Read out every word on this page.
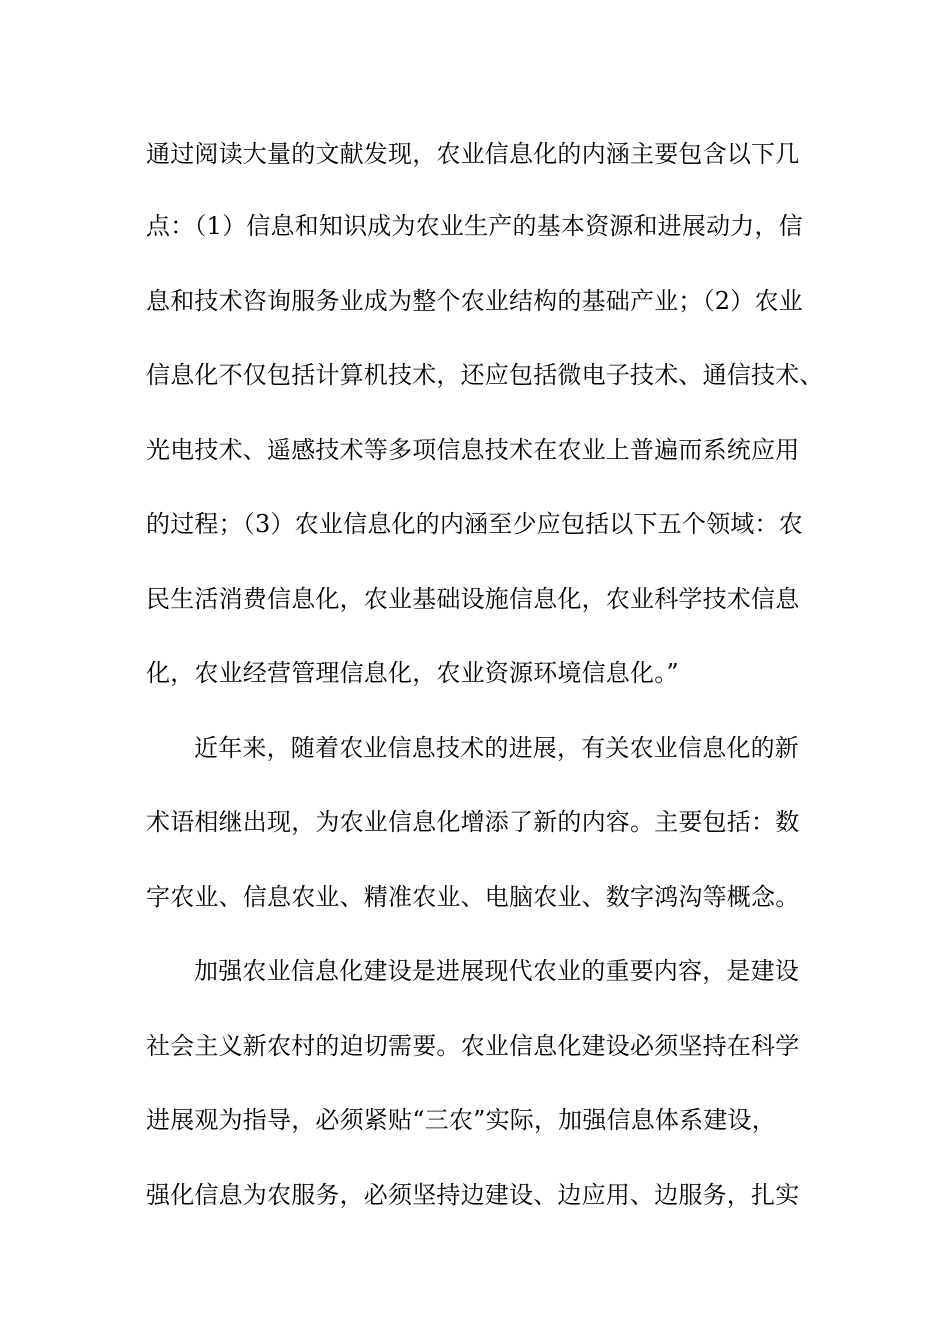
通过阅读大量的文献发现，农业信息化的内涵主要包含以下几
点：（1）信息和知识成为农业生产的基本资源和进展动力，信
息和技术咨询服务业成为整个农业结构的基础产业；（2）农业
信息化不仅包括计算机技术，还应包括微电子技术、通信技术、
光电技术、遥感技术等多项信息技术在农业上普遍而系统应用
的过程；（3）农业信息化的内涵至少应包括以下五个领域：农
民生活消费信息化，农业基础设施信息化，农业科学技术信息
化，农业经营管理信息化，农业资源环境信息化。”
近年来，随着农业信息技术的进展，有关农业信息化的新
术语相继出现，为农业信息化增添了新的内容。主要包括：数
字农业、信息农业、精准农业、电脑农业、数字鸿沟等概念。
加强农业信息化建设是进展现代农业的重要内容，是建设
社会主义新农村的迫切需要。农业信息化建设必须坚持在科学
进展观为指导，必须紧贴“三农”实际，加强信息体系建设，
强化信息为农服务，必须坚持边建设、边应用、边服务，扎实
